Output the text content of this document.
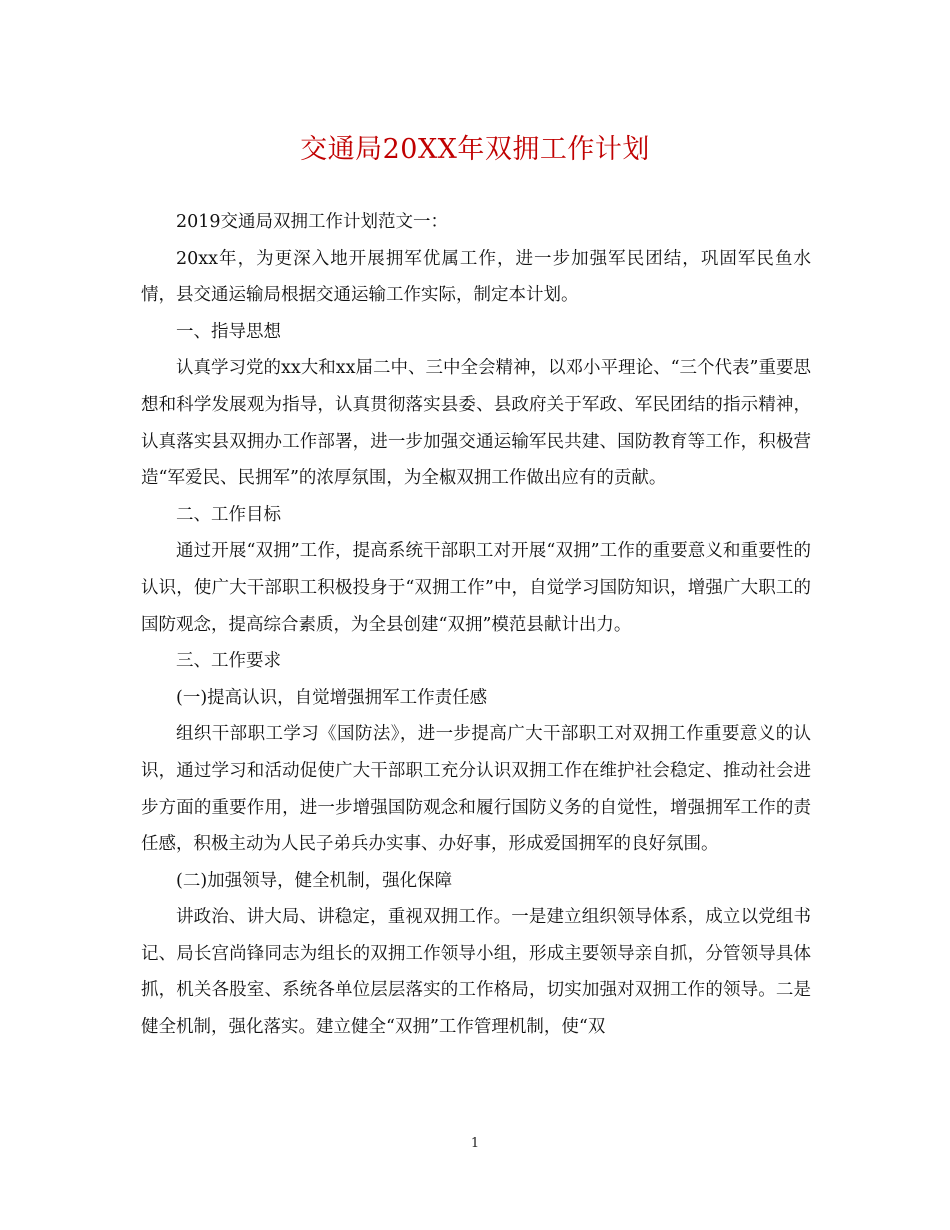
交通局20XX年双拥工作计划

2019交通局双拥工作计划范文一：

20xx年，为更深入地开展拥军优属工作，进一步加强军民团结，巩固军民鱼水情，县交通运输局根据交通运输工作实际，制定本计划。

一、指导思想

认真学习党的xx大和xx届二中、三中全会精神，以邓小平理论、“三个代表”重要思想和科学发展观为指导，认真贯彻落实县委、县政府关于军政、军民团结的指示精神，认真落实县双拥办工作部署，进一步加强交通运输军民共建、国防教育等工作，积极营造“军爱民、民拥军”的浓厚氛围，为全椒双拥工作做出应有的贡献。

二、工作目标

通过开展“双拥”工作，提高系统干部职工对开展“双拥”工作的重要意义和重要性的认识，使广大干部职工积极投身于“双拥工作”中，自觉学习国防知识，增强广大职工的国防观念，提高综合素质，为全县创建“双拥”模范县献计出力。

三、工作要求

(一)提高认识，自觉增强拥军工作责任感

组织干部职工学习《国防法》，进一步提高广大干部职工对双拥工作重要意义的认识，通过学习和活动促使广大干部职工充分认识双拥工作在维护社会稳定、推动社会进步方面的重要作用，进一步增强国防观念和履行国防义务的自觉性，增强拥军工作的责任感，积极主动为人民子弟兵办实事、办好事，形成爱国拥军的良好氛围。

(二)加强领导，健全机制，强化保障

讲政治、讲大局、讲稳定，重视双拥工作。一是建立组织领导体系，成立以党组书记、局长宫尚锋同志为组长的双拥工作领导小组，形成主要领导亲自抓，分管领导具体抓，机关各股室、系统各单位层层落实的工作格局，切实加强对双拥工作的领导。二是健全机制，强化落实。建立健全“双拥”工作管理机制，使“双

1
